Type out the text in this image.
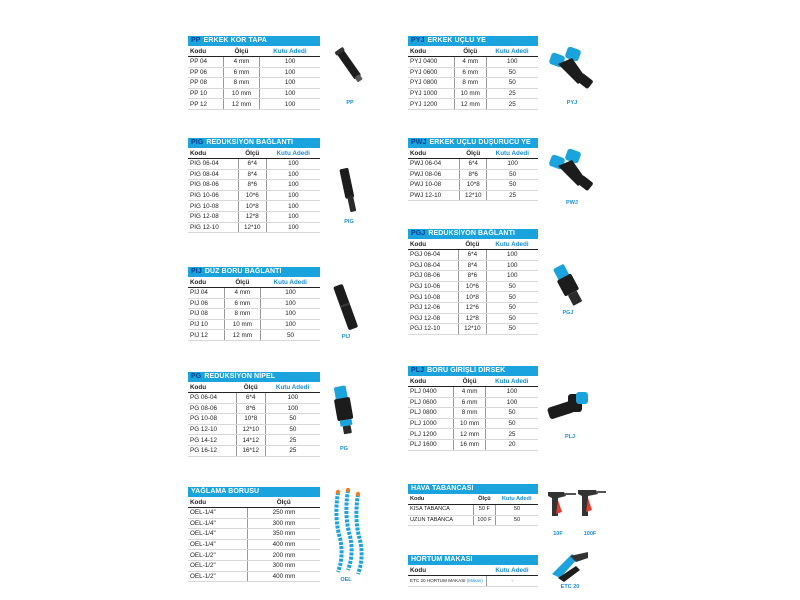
PP ERKEK KÖR TAPA
Kodu	Ölçü	Kutu Adedi
PP 04	4 mm	100
PP 06	6 mm	100
PP 08	8 mm	100
PP 10	10 mm	100
PP 12	12 mm	100	PP
PIG REDÜKSİYON BAĞLANTI
Kodu	Ölçü	Kutu Adedi
PIG 06-04	6*4	100
PIG 08-04	8*4	100
PIG 08-06	8*6	100
PIG 10-06	10*6	100
PIG 10-08	10*8	100
PIG 12-08	12*8	100
PIG 12-10	12*10	100
PIG
PIJ DÜZ BORU BAĞLANTI
Kodu	Ölçü	Kutu Adedi
PIJ 04	4 mm	100
PIJ 06	6 mm	100
PIJ 08	8 mm	100
PIJ 10	10 mm	100
PIJ 12	12 mm	50	PIJ
PG REDÜKSİYON NİPEL
Kodu	Ölçü	Kutu Adedi
PG 06-04	6*4	100
PG 08-06	8*6	100
PG 10-08	10*8	50
PG 12-10	12*10	50
PG 14-12	14*12	25
PG 16-12	16*12	25	PG
YAĞLAMA BORUSU
Kodu	Ölçü
OEL-1/4"	250 mm
OEL-1/4"	300 mm
OEL-1/4"	350 mm
OEL-1/4"	400 mm
OEL-1/2"	200 mm
OEL-1/2"	300 mm
OEL-1/2"	400 mm
OEL
PYJ ERKEK UÇLU YE
Kodu	Ölçü	Kutu Adedi
PYJ 0400	4 mm	100
PYJ 0600	6 mm	50
PYJ 0800	8 mm	50
PYJ 1000	10 mm	25
PYJ 1200	12 mm	25	PYJ
PWJ ERKEK UÇLU DÜŞÜRÜCÜ YE
Kodu	Ölçü	Kutu Adedi
PWJ 06-04	6*4	100
PWJ 08-06	8*6	50
PWJ 10-08	10*8	50
PWJ 12-10	12*10	25
PWJ
PGJ REDÜKSİYON BAĞLANTI
Kodu	Ölçü	Kutu Adedi
PGJ 06-04	6*4	100
PGJ 08-04	8*4	100
PGJ 08-06	8*6	100
PGJ 10-06	10*6	50
PGJ 10-08	10*8	50
PGJ 12-06	12*6	50
PGJ 12-08	12*8	50
PGJ 12-10	12*10	50
PGJ
PLJ BORU GİRİŞLİ DİRSEK
Kodu	Ölçü	Kutu Adedi
PLJ 0400	4 mm	100
PLJ 0600	6 mm	100
PLJ 0800	8 mm	50
PLJ 1000	10 mm	50
PLJ 1200	12 mm	25
PLJ 1600	16 mm	20
PLJ
HAVA TABANCASI
Kodu	Ölçü	Kutu Adedi
KISA TABANCA	50 F	50
UZUN TABANCA	100 F	50
10F	100F
HORTUM MAKASI
Kodu	Kutu Adedi
ETC 20 HORTUM MAKASI (Makas)	-
ETC 20
